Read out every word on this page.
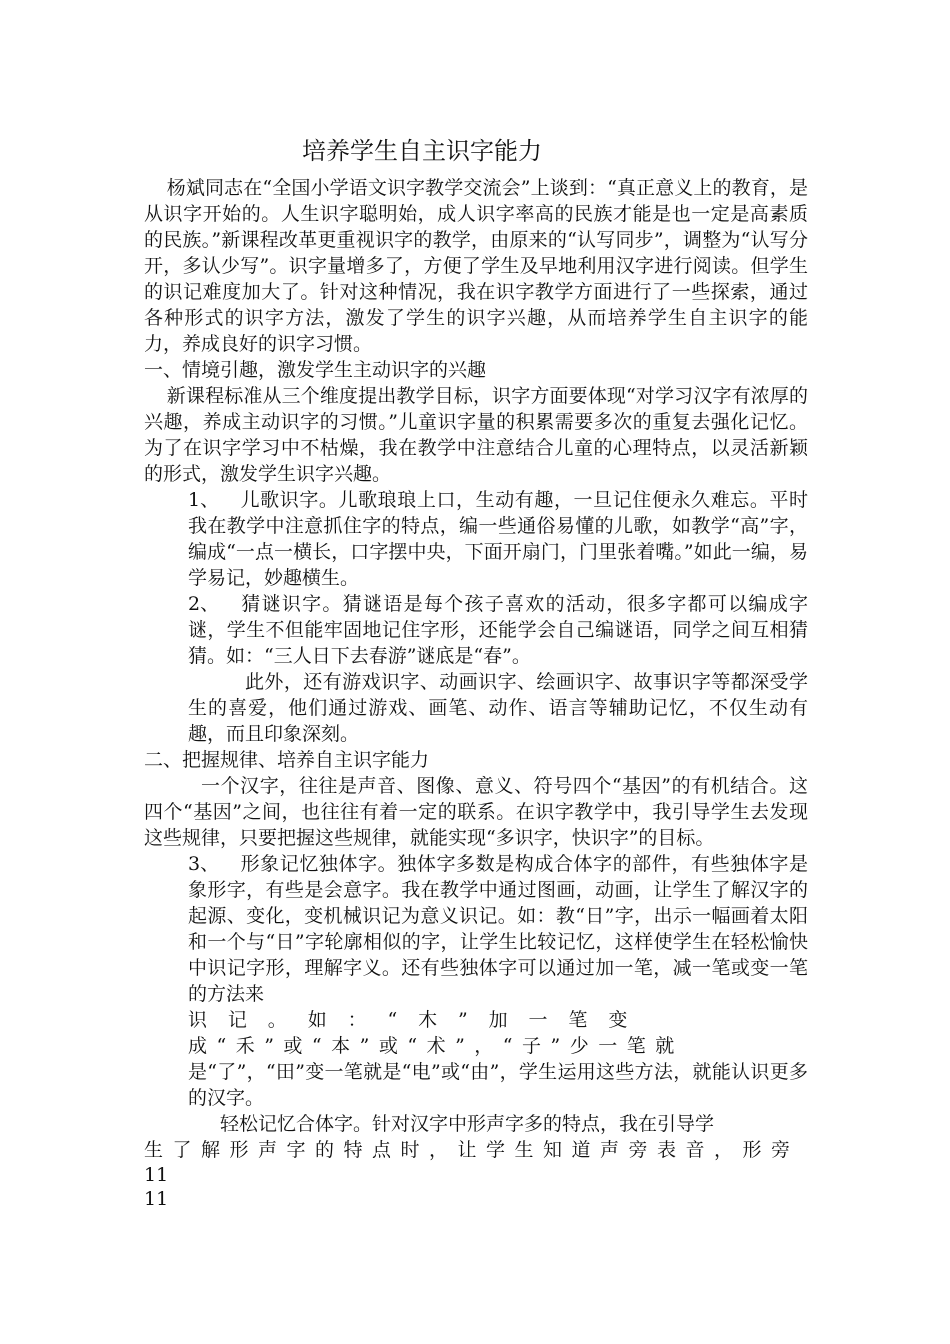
培养学生自主识字能力

杨斌同志在“全国小学语文识字教学交流会”上谈到：“真正意义上的教育，是从识字开始的。人生识字聪明始，成人识字率高的民族才能是也一定是高素质的民族。”新课程改革更重视识字的教学，由原来的“认写同步”，调整为“认写分开，多认少写”。识字量增多了，方便了学生及早地利用汉字进行阅读。但学生的识记难度加大了。针对这种情况，我在识字教学方面进行了一些探索，通过各种形式的识字方法，激发了学生的识字兴趣，从而培养学生自主识字的能力，养成良好的识字习惯。

一、情境引趣，激发学生主动识字的兴趣

新课程标准从三个维度提出教学目标，识字方面要体现“对学习汉字有浓厚的兴趣，养成主动识字的习惯。”儿童识字量的积累需要多次的重复去强化记忆。为了在识字学习中不枯燥，我在教学中注意结合儿童的心理特点，以灵活新颖的形式，激发学生识字兴趣。

1、 儿歌识字。儿歌琅琅上口，生动有趣，一旦记住便永久难忘。平时我在教学中注意抓住字的特点，编一些通俗易懂的儿歌，如教学“高”字，编成“一点一横长，口字摆中央，下面开扇门，门里张着嘴。”如此一编，易学易记，妙趣横生。

2、 猜谜识字。猜谜语是每个孩子喜欢的活动，很多字都可以编成字谜，学生不但能牢固地记住字形，还能学会自己编谜语，同学之间互相猜猜。如：“三人日下去春游”谜底是“春”。

此外，还有游戏识字、动画识字、绘画识字、故事识字等都深受学生的喜爱，他们通过游戏、画笔、动作、语言等辅助记忆，不仅生动有趣，而且印象深刻。

二、把握规律、培养自主识字能力

一个汉字，往往是声音、图像、意义、符号四个“基因”的有机结合。这四个“基因”之间，也往往有着一定的联系。在识字教学中，我引导学生去发现这些规律，只要把握这些规律，就能实现“多识字，快识字”的目标。

3、 形象记忆独体字。独体字多数是构成合体字的部件，有些独体字是象形字，有些是会意字。我在教学中通过图画，动画，让学生了解汉字的起源、变化，变机械识记为意义识记。如：教“日”字，出示一幅画着太阳和一个与“日”字轮廓相似的字，让学生比较记忆，这样使学生在轻松愉快中识记字形，理解字义。还有些独体字可以通过加一笔，减一笔或变一笔的方法来

识记。如：“木”加一笔变

成“禾”或“本”或“术”，“子”少一笔就

是“了”，“田”变一笔就是“电”或“由”，学生运用这些方法，就能认识更多的汉字。

轻松记忆合体字。针对汉字中形声字多的特点，我在引导学

生了解形声字的特点时，让学生知道声旁表音，形旁

11

11
